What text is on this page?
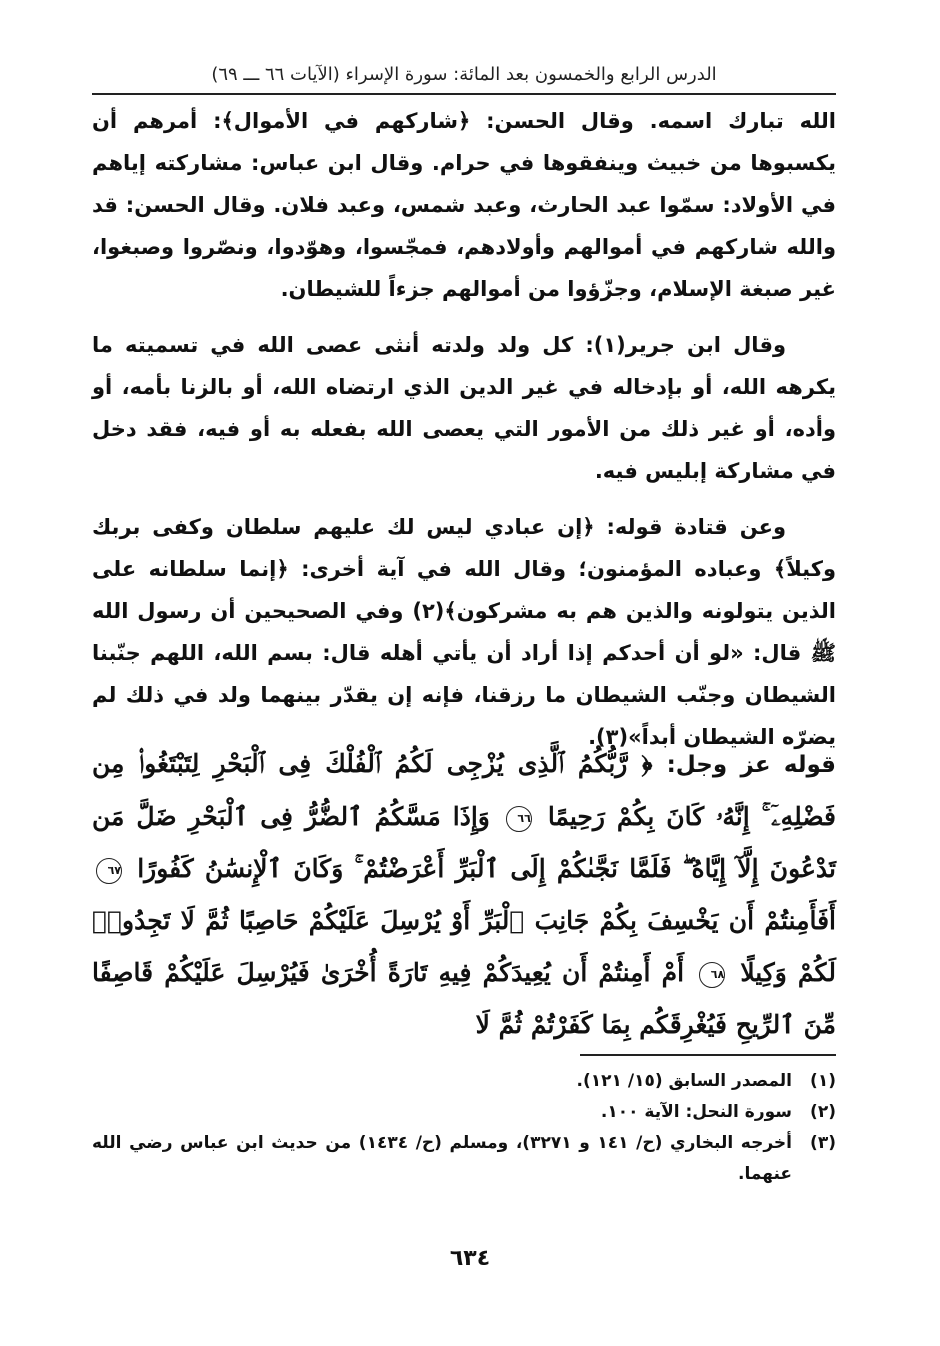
الدرس الرابع والخمسون بعد المائة: سورة الإسراء (الآيات ٦٦ ـــ ٦٩)

الله تبارك اسمه. وقال الحسن: ﴿شاركهم في الأموال﴾: أمرهم أن يكسبوها من خبيث وينفقوها في حرام. وقال ابن عباس: مشاركته إياهم في الأولاد: سمّوا عبد الحارث، وعبد شمس، وعبد فلان. وقال الحسن: قد والله شاركهم في أموالهم وأولادهم، فمجّسوا، وهوّدوا، ونصّروا وصبغوا، غير صبغة الإسلام، وجزّؤوا من أموالهم جزءاً للشيطان.

وقال ابن جرير(١): كل ولد ولدته أنثى عصى الله في تسميته ما يكرهه الله، أو بإدخاله في غير الدين الذي ارتضاه الله، أو بالزنا بأمه، أو وأده، أو غير ذلك من الأمور التي يعصى الله بفعله به أو فيه، فقد دخل في مشاركة إبليس فيه.

وعن قتادة قوله: ﴿إن عبادي ليس لك عليهم سلطان وكفى بربك وكيلاً﴾ وعباده المؤمنون؛ وقال الله في آية أخرى: ﴿إنما سلطانه على الذين يتولونه والذين هم به مشركون﴾(٢) وفي الصحيحين أن رسول الله ﷺ قال: «لو أن أحدكم إذا أراد أن يأتي أهله قال: بسم الله، اللهم جنّبنا الشيطان وجنّب الشيطان ما رزقنا، فإنه إن يقدّر بينهما ولد في ذلك لم يضرّه الشيطان أبداً»(٣).

قوله عز وجل: ﴿ رَّبُّكُمُ ٱلَّذِى يُزْجِى لَكُمُ ٱلْفُلْكَ فِى ٱلْبَحْرِ لِتَبْتَغُوا۟ مِن فَضْلِهِۦٓ ۚ إِنَّهُۥ كَانَ بِكُمْ رَحِيمًا ٦٦ وَإِذَا مَسَّكُمُ ٱلضُّرُّ فِى ٱلْبَحْرِ ضَلَّ مَن تَدْعُونَ إِلَّآ إِيَّاهُ ۖ فَلَمَّا نَجَّىٰكُمْ إِلَى ٱلْبَرِّ أَعْرَضْتُمْ ۚ وَكَانَ ٱلْإِنسَٰنُ كَفُورًا ٦٧ أَفَأَمِنتُمْ أَن يَخْسِفَ بِكُمْ جَانِبَ ٱلْبَرِّ أَوْ يُرْسِلَ عَلَيْكُمْ حَاصِبًا ثُمَّ لَا تَجِدُوا۟ لَكُمْ وَكِيلًا ٦٨ أَمْ أَمِنتُمْ أَن يُعِيدَكُمْ فِيهِ تَارَةً أُخْرَىٰ فَيُرْسِلَ عَلَيْكُمْ قَاصِفًا مِّنَ ٱلرِّيحِ فَيُغْرِقَكُم بِمَا كَفَرْتُمْ ثُمَّ لَا

(١)
المصدر السابق (١٥/ ١٢١).
(٢)
سورة النحل: الآية ١٠٠.
(٣)
أخرجه البخاري (ح/ ١٤١ و ٣٢٧١)، ومسلم (ح/ ١٤٣٤) من حديث ابن عباس رضي الله عنهما.
٦٣٤
